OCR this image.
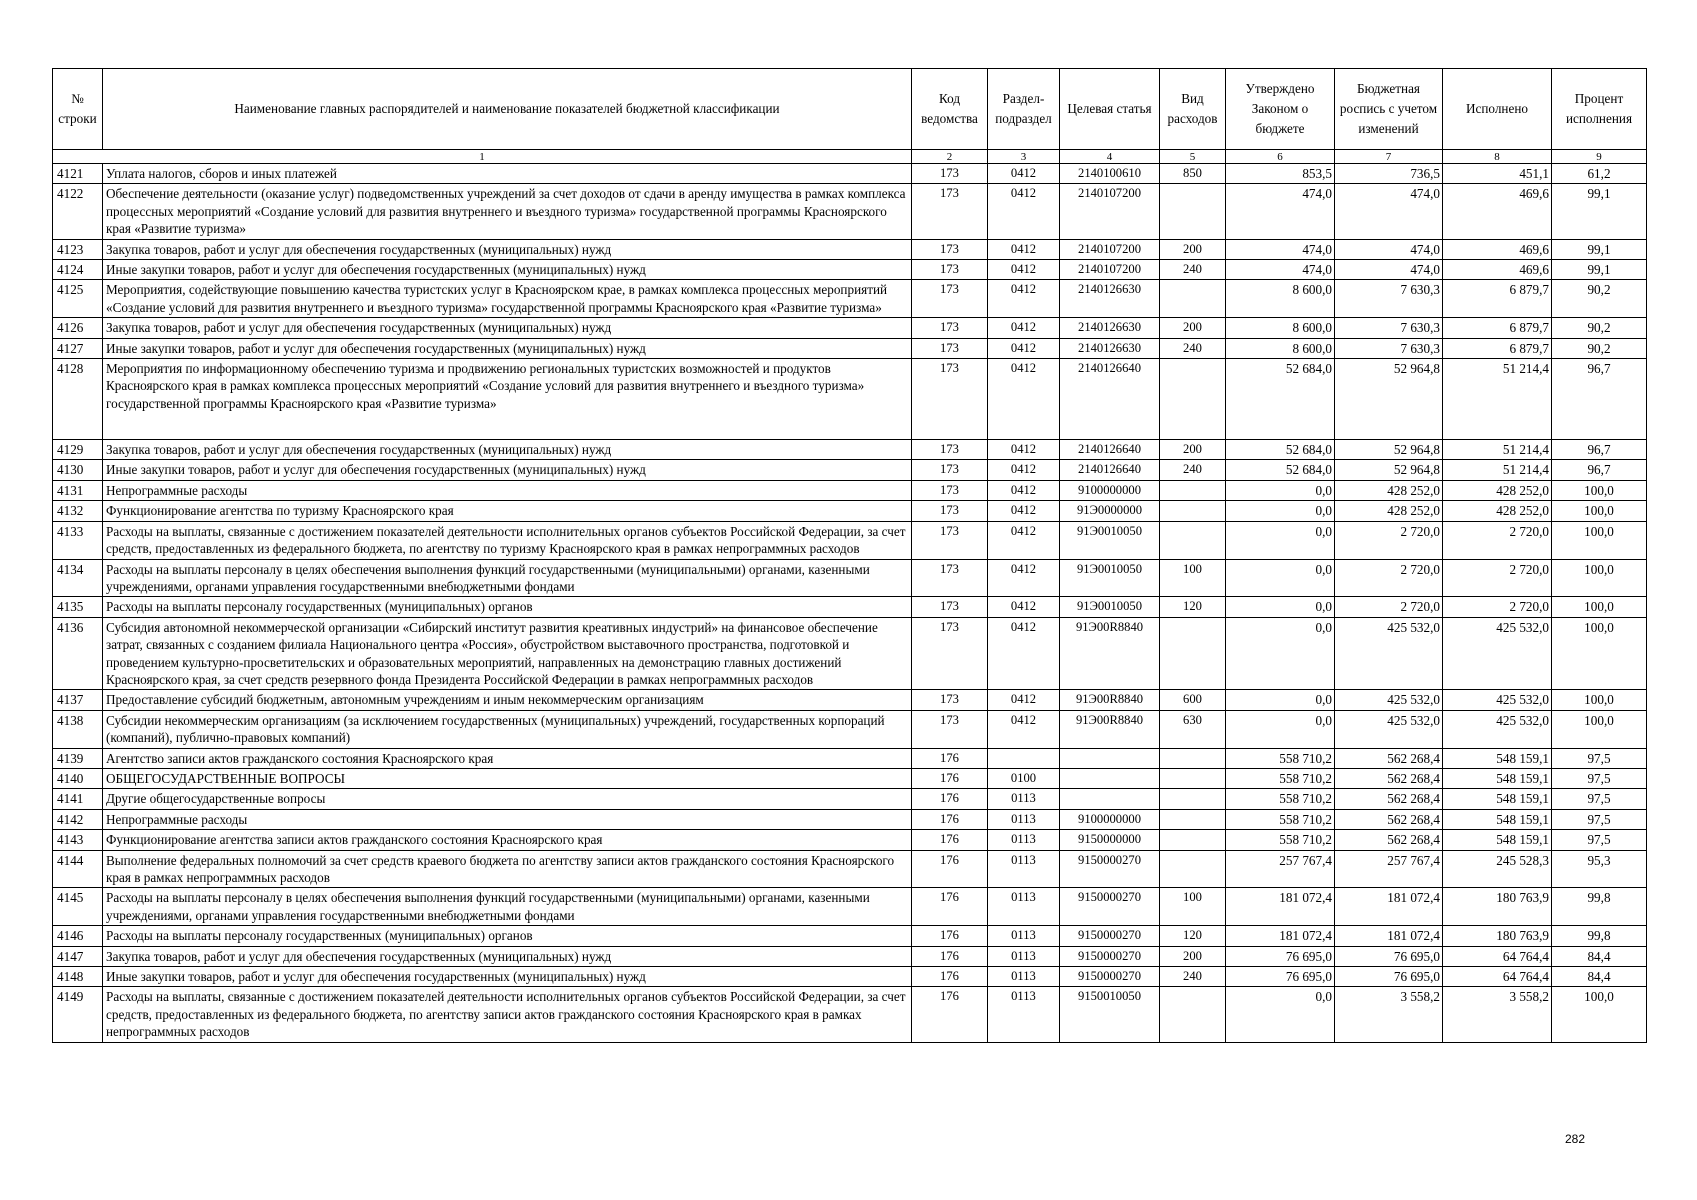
№ строки	Наименование главных распорядителей и наименование показателей бюджетной классификации	Код ведомства	Раздел-подраздел	Целевая статья	Вид расходов	Утверждено Законом о бюджете	Бюджетная роспись с учетом изменений	Исполнено	Процент исполнения
1		2	3	4	5	6	7	8	9
4121	Уплата налогов, сборов и иных платежей	173	0412	2140100610	850	853,5	736,5	451,1	61,2
4122	Обеспечение деятельности (оказание услуг) подведомственных учреждений за счет доходов от сдачи в аренду имущества в рамках комплекса процессных мероприятий «Создание условий для развития внутреннего и въездного туризма» государственной программы Красноярского края «Развитие туризма»	173	0412	2140107200		474,0	474,0	469,6	99,1
4123	Закупка товаров, работ и услуг для обеспечения государственных (муниципальных) нужд	173	0412	2140107200	200	474,0	474,0	469,6	99,1
4124	Иные закупки товаров, работ и услуг для обеспечения государственных (муниципальных) нужд	173	0412	2140107200	240	474,0	474,0	469,6	99,1
4125	Мероприятия, содействующие повышению качества туристских услуг в Красноярском крае, в рамках комплекса процессных мероприятий «Создание условий для развития внутреннего и въездного туризма» государственной программы Красноярского края «Развитие туризма»	173	0412	2140126630		8 600,0	7 630,3	6 879,7	90,2
4126	Закупка товаров, работ и услуг для обеспечения государственных (муниципальных) нужд	173	0412	2140126630	200	8 600,0	7 630,3	6 879,7	90,2
4127	Иные закупки товаров, работ и услуг для обеспечения государственных (муниципальных) нужд	173	0412	2140126630	240	8 600,0	7 630,3	6 879,7	90,2
4128	Мероприятия по информационному обеспечению туризма и продвижению региональных туристских возможностей и продуктов Красноярского края в рамках комплекса процессных мероприятий «Создание условий для развития внутреннего и въездного туризма» государственной программы Красноярского края «Развитие туризма»	173	0412	2140126640		52 684,0	52 964,8	51 214,4	96,7
4129	Закупка товаров, работ и услуг для обеспечения государственных (муниципальных) нужд	173	0412	2140126640	200	52 684,0	52 964,8	51 214,4	96,7
4130	Иные закупки товаров, работ и услуг для обеспечения государственных (муниципальных) нужд	173	0412	2140126640	240	52 684,0	52 964,8	51 214,4	96,7
4131	Непрограммные расходы	173	0412	9100000000		0,0	428 252,0	428 252,0	100,0
4132	Функционирование агентства по туризму Красноярского края	173	0412	91Э0000000		0,0	428 252,0	428 252,0	100,0
4133	Расходы на выплаты, связанные с достижением показателей деятельности исполнительных органов субъектов Российской Федерации, за счет средств, предоставленных из федерального бюджета, по агентству по туризму Красноярского края в рамках непрограммных расходов	173	0412	91Э0010050		0,0	2 720,0	2 720,0	100,0
4134	Расходы на выплаты персоналу в целях обеспечения выполнения функций государственными (муниципальными) органами, казенными учреждениями, органами управления государственными внебюджетными фондами	173	0412	91Э0010050	100	0,0	2 720,0	2 720,0	100,0
4135	Расходы на выплаты персоналу государственных (муниципальных) органов	173	0412	91Э0010050	120	0,0	2 720,0	2 720,0	100,0
4136	Субсидия автономной некоммерческой организации «Сибирский институт развития креативных индустрий» на финансовое обеспечение затрат, связанных с созданием филиала Национального центра «Россия», обустройством выставочного пространства, подготовкой и проведением культурно-просветительских и образовательных мероприятий, направленных на демонстрацию главных достижений Красноярского края, за счет средств резервного фонда Президента Российской Федерации в рамках непрограммных расходов	173	0412	91Э00R8840		0,0	425 532,0	425 532,0	100,0
4137	Предоставление субсидий бюджетным, автономным учреждениям и иным некоммерческим организациям	173	0412	91Э00R8840	600	0,0	425 532,0	425 532,0	100,0
4138	Субсидии некоммерческим организациям (за исключением государственных (муниципальных) учреждений, государственных корпораций (компаний), публично-правовых компаний)	173	0412	91Э00R8840	630	0,0	425 532,0	425 532,0	100,0
4139	Агентство записи актов гражданского состояния Красноярского края	176				558 710,2	562 268,4	548 159,1	97,5
4140	ОБЩЕГОСУДАРСТВЕННЫЕ ВОПРОСЫ	176	0100			558 710,2	562 268,4	548 159,1	97,5
4141	Другие общегосударственные вопросы	176	0113			558 710,2	562 268,4	548 159,1	97,5
4142	Непрограммные расходы	176	0113	9100000000		558 710,2	562 268,4	548 159,1	97,5
4143	Функционирование агентства записи актов гражданского состояния Красноярского края	176	0113	9150000000		558 710,2	562 268,4	548 159,1	97,5
4144	Выполнение федеральных полномочий за счет средств краевого бюджета по агентству записи актов гражданского состояния Красноярского края в рамках непрограммных расходов	176	0113	9150000270		257 767,4	257 767,4	245 528,3	95,3
4145	Расходы на выплаты персоналу в целях обеспечения выполнения функций государственными (муниципальными) органами, казенными учреждениями, органами управления государственными внебюджетными фондами	176	0113	9150000270	100	181 072,4	181 072,4	180 763,9	99,8
4146	Расходы на выплаты персоналу государственных (муниципальных) органов	176	0113	9150000270	120	181 072,4	181 072,4	180 763,9	99,8
4147	Закупка товаров, работ и услуг для обеспечения государственных (муниципальных) нужд	176	0113	9150000270	200	76 695,0	76 695,0	64 764,4	84,4
4148	Иные закупки товаров, работ и услуг для обеспечения государственных (муниципальных) нужд	176	0113	9150000270	240	76 695,0	76 695,0	64 764,4	84,4
4149	Расходы на выплаты, связанные с достижением показателей деятельности исполнительных органов субъектов Российской Федерации, за счет средств, предоставленных из федерального бюджета, по агентству записи актов гражданского состояния Красноярского края в рамках непрограммных расходов	176	0113	9150010050		0,0	3 558,2	3 558,2	100,0
282
